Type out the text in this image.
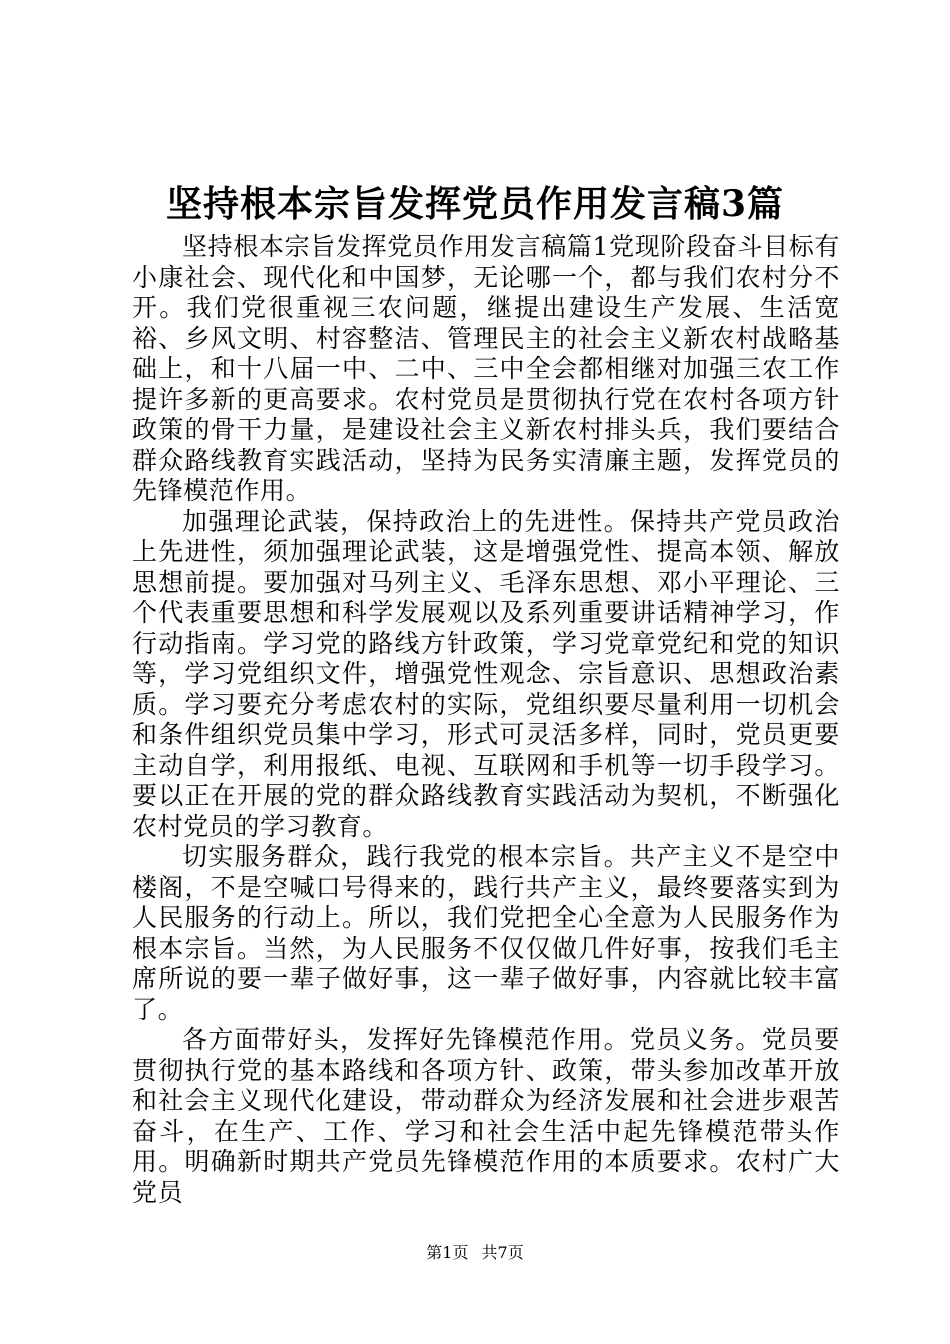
坚持根本宗旨发挥党员作用发言稿3篇

坚持根本宗旨发挥党员作用发言稿篇1党现阶段奋斗目标有小康社会、现代化和中国梦，无论哪一个，都与我们农村分不开。我们党很重视三农问题，继提出建设生产发展、生活宽裕、乡风文明、村容整洁、管理民主的社会主义新农村战略基础上，和十八届一中、二中、三中全会都相继对加强三农工作提许多新的更高要求。农村党员是贯彻执行党在农村各项方针政策的骨干力量，是建设社会主义新农村排头兵，我们要结合群众路线教育实践活动，坚持为民务实清廉主题，发挥党员的先锋模范作用。

加强理论武装，保持政治上的先进性。保持共产党员政治上先进性，须加强理论武装，这是增强党性、提高本领、解放思想前提。要加强对马列主义、毛泽东思想、邓小平理论、三个代表重要思想和科学发展观以及系列重要讲话精神学习，作行动指南。学习党的路线方针政策，学习党章党纪和党的知识等，学习党组织文件，增强党性观念、宗旨意识、思想政治素质。学习要充分考虑农村的实际，党组织要尽量利用一切机会和条件组织党员集中学习，形式可灵活多样，同时，党员更要主动自学，利用报纸、电视、互联网和手机等一切手段学习。要以正在开展的党的群众路线教育实践活动为契机，不断强化农村党员的学习教育。

切实服务群众，践行我党的根本宗旨。共产主义不是空中楼阁，不是空喊口号得来的，践行共产主义，最终要落实到为人民服务的行动上。所以，我们党把全心全意为人民服务作为根本宗旨。当然，为人民服务不仅仅做几件好事，按我们毛主席所说的要一辈子做好事，这一辈子做好事，内容就比较丰富了。

各方面带好头，发挥好先锋模范作用。党员义务。党员要贯彻执行党的基本路线和各项方针、政策，带头参加改革开放和社会主义现代化建设，带动群众为经济发展和社会进步艰苦奋斗，在生产、工作、学习和社会生活中起先锋模范带头作用。明确新时期共产党员先锋模范作用的本质要求。农村广大党员

第1页 共7页
